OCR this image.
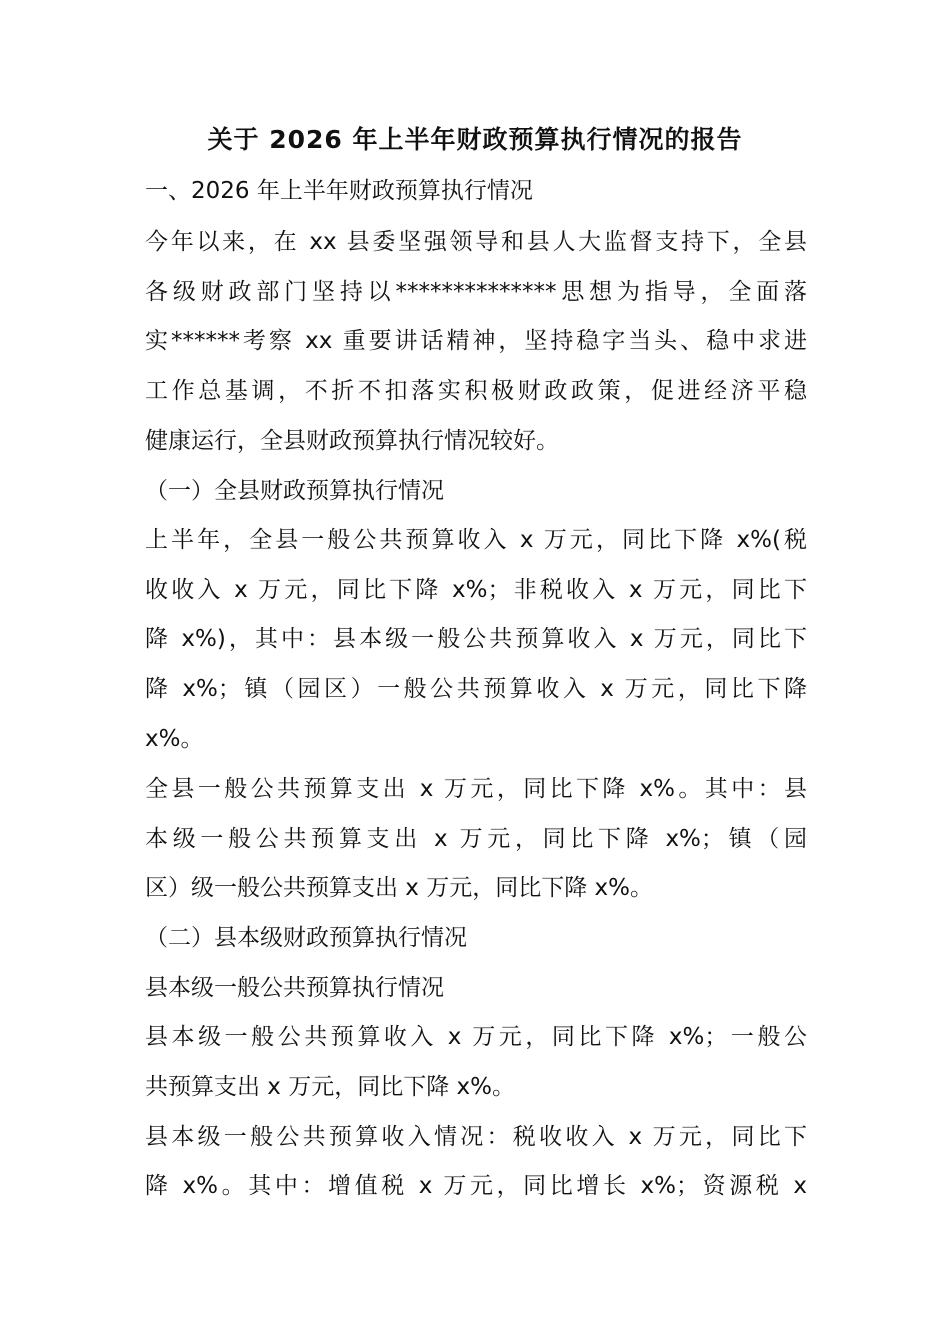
关于 2026 年上半年财政预算执行情况的报告
一、2026 年上半年财政预算执行情况
今年以来，在 xx 县委坚强领导和县人大监督支持下，全县
各级财政部门坚持以**************思想为指导，全面落
实******考察 xx 重要讲话精神，坚持稳字当头、稳中求进
工作总基调，不折不扣落实积极财政政策，促进经济平稳
健康运行，全县财政预算执行情况较好。
（一）全县财政预算执行情况
上半年，全县一般公共预算收入 x 万元，同比下降 x%(税
收收入 x 万元，同比下降 x%；非税收入 x 万元，同比下
降 x%)，其中：县本级一般公共预算收入 x 万元，同比下
降 x%；镇（园区）一般公共预算收入 x 万元，同比下降
x%。
全县一般公共预算支出 x 万元，同比下降 x%。其中：县
本级一般公共预算支出 x 万元，同比下降 x%；镇（园
区）级一般公共预算支出 x 万元，同比下降 x%。
（二）县本级财政预算执行情况
县本级一般公共预算执行情况
县本级一般公共预算收入 x 万元，同比下降 x%；一般公
共预算支出 x 万元，同比下降 x%。
县本级一般公共预算收入情况：税收收入 x 万元，同比下
降 x%。其中：增值税 x 万元，同比增长 x%；资源税 x
